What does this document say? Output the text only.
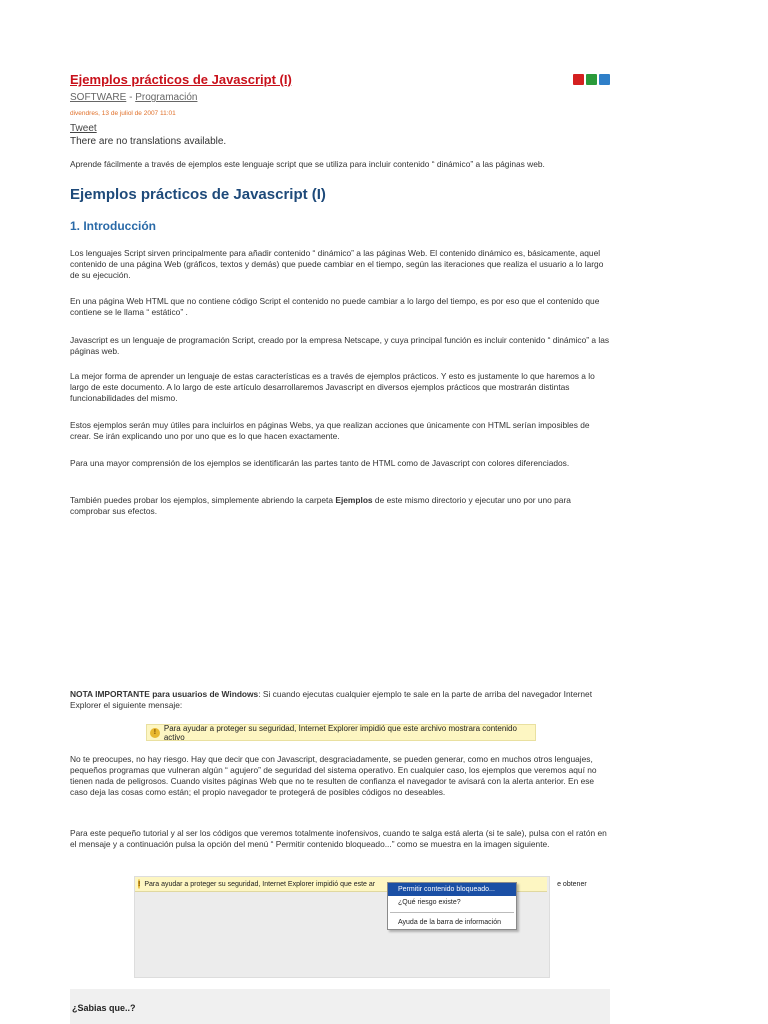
Ejemplos prácticos de Javascript (I)
SOFTWARE - Programación
divendres, 13 de juliol de 2007 11:01
Tweet
There are no translations available.

Aprende fácilmente a través de ejemplos este lenguaje script que se utiliza para incluir contenido “ dinámico” a las páginas web.

Ejemplos prácticos de Javascript (I)
1. Introducción

Los lenguajes Script sirven principalmente para añadir contenido “ dinámico” a las páginas Web. El contenido dinámico es, básicamente, aquel contenido de una página Web (gráficos, textos y demás) que puede cambiar en el tiempo, según las iteraciones que realiza el usuario a lo largo de su ejecución.

En una página Web HTML que no contiene código Script el contenido no puede cambiar a lo largo del tiempo, es por eso que el contenido que contiene se le llama “ estático” .

Javascript es un lenguaje de programación Script, creado por la empresa Netscape, y cuya principal función es incluir contenido “ dinámico” a las páginas web.

La mejor forma de aprender un lenguaje de estas características es a través de ejemplos prácticos. Y esto es justamente lo que haremos a lo largo de este documento. A lo largo de este artículo desarrollaremos Javascript en diversos ejemplos prácticos que mostrarán distintas funcionabilidades del mismo.

Estos ejemplos serán muy útiles para incluirlos en páginas Webs, ya que realizan acciones que únicamente con HTML serían imposibles de crear. Se irán explicando uno por uno que es lo que hacen exactamente.

Para una mayor comprensión de los ejemplos se identificarán las partes tanto de HTML como de Javascript con colores diferenciados.

También puedes probar los ejemplos, simplemente abriendo la carpeta Ejemplos de este mismo directorio y ejecutar uno por uno para comprobar sus efectos.

NOTA IMPORTANTE para usuarios de Windows: Si cuando ejecutas cualquier ejemplo te sale en la parte de arriba del navegador Internet Explorer el siguiente mensaje:

! Para ayudar a proteger su seguridad, Internet Explorer impidió que este archivo mostrara contenido activo

No te preocupes, no hay riesgo. Hay que decir que con Javascript, desgraciadamente, se pueden generar, como en muchos otros lenguajes, pequeños programas que vulneran algún “ agujero” de seguridad del sistema operativo. En cualquier caso, los ejemplos que veremos aquí no tienen nada de peligrosos. Cuando visites páginas Web que no te resulten de confianza el navegador te avisará con la alerta anterior. En ese caso deja las cosas como están; el propio navegador te protegerá de posibles códigos no deseables.

Para este pequeño tutorial y al ser los códigos que veremos totalmente inofensivos, cuando te salga está alerta (si te sale), pulsa con el ratón en el mensaje y a continuación pulsa la opción del menú “ Permitir contenido bloqueado...” como se muestra en la imagen siguiente.

! Para ayudar a proteger su seguridad, Internet Explorer impidió que este ar	e obtener
Permitir contenido bloqueado...
¿Qué riesgo existe?
Ayuda de la barra de información
¿Sabias que..?
